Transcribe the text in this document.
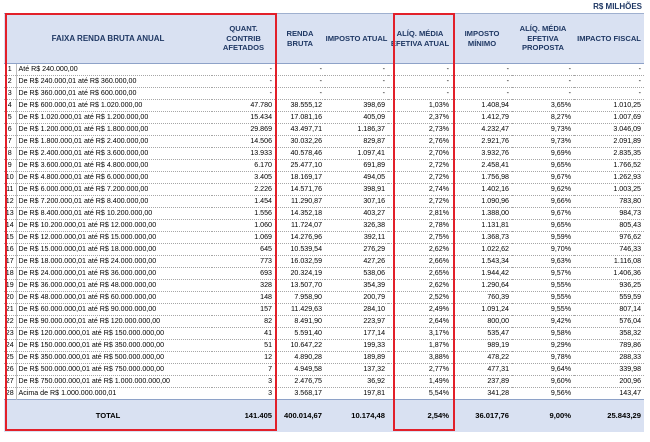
R$ MILHÕES
FAIXA RENDA BRUTA ANUAL		QUANT. CONTRIB AFETADOS	RENDA BRUTA	IMPOSTO ATUAL	ALÍQ. MÉDIA EFETIVA ATUAL	IMPOSTO MÍNIMO	ALÍQ. MÉDIA EFETIVA PROPOSTA	IMPACTO FISCAL
1	Até R$ 240.000,00	-	-	-	-	-	-	-
2	De R$ 240.000,01 até R$ 360.000,00	-	-	-	-	-	-	-
3	De R$ 360.000,01 até R$ 600.000,00	-	-	-	-	-	-	-
4	De R$ 600.000,01 até R$ 1.020.000,00	47.780	38.555,12	398,69	1,03%	1.408,94	3,65%	1.010,25
5	De R$ 1.020.000,01 até R$ 1.200.000,00	15.434	17.081,16	405,09	2,37%	1.412,79	8,27%	1.007,69
6	De R$ 1.200.000,01 até R$ 1.800.000,00	29.869	43.497,71	1.186,37	2,73%	4.232,47	9,73%	3.046,09
7	De R$ 1.800.000,01 até R$ 2.400.000,00	14.506	30.032,26	829,87	2,76%	2.921,76	9,73%	2.091,89
8	De R$ 2.400.000,01 até R$ 3.600.000,00	13.933	40.578,46	1.097,41	2,70%	3.932,76	9,69%	2.835,35
9	De R$ 3.600.000,01 até R$ 4.800.000,00	6.170	25.477,10	691,89	2,72%	2.458,41	9,65%	1.766,52
10	De R$ 4.800.000,01 até R$ 6.000.000,00	3.405	18.169,17	494,05	2,72%	1.756,98	9,67%	1.262,93
11	De R$ 6.000.000,01 até R$ 7.200.000,00	2.226	14.571,76	398,91	2,74%	1.402,16	9,62%	1.003,25
12	De R$ 7.200.000,01 até R$ 8.400.000,00	1.454	11.290,87	307,16	2,72%	1.090,96	9,66%	783,80
13	De R$ 8.400.000,01 até R$ 10.200.000,00	1.556	14.352,18	403,27	2,81%	1.388,00	9,67%	984,73
14	De R$ 10.200.000,01 até R$ 12.000.000,00	1.060	11.724,07	326,38	2,78%	1.131,81	9,65%	805,43
15	De R$ 12.000.000,01 até R$ 15.000.000,00	1.069	14.276,96	392,11	2,75%	1.368,73	9,59%	976,62
16	De R$ 15.000.000,01 até R$ 18.000.000,00	645	10.539,54	276,29	2,62%	1.022,62	9,70%	746,33
17	De R$ 18.000.000,01 até R$ 24.000.000,00	773	16.032,59	427,26	2,66%	1.543,34	9,63%	1.116,08
18	De R$ 24.000.000,01 até R$ 36.000.000,00	693	20.324,19	538,06	2,65%	1.944,42	9,57%	1.406,36
19	De R$ 36.000.000,01 até R$ 48.000.000,00	328	13.507,70	354,39	2,62%	1.290,64	9,55%	936,25
20	De R$ 48.000.000,01 até R$ 60.000.000,00	148	7.958,90	200,79	2,52%	760,39	9,55%	559,59
21	De R$ 60.000.000,01 até R$ 90.000.000,00	157	11.429,63	284,10	2,49%	1.091,24	9,55%	807,14
22	De R$ 90.000.000,01 até R$ 120.000.000,00	82	8.491,90	223,97	2,64%	800,00	9,42%	576,04
23	De R$ 120.000.000,01 até R$ 150.000.000,00	41	5.591,40	177,14	3,17%	535,47	9,58%	358,32
24	De R$ 150.000.000,01 até R$ 350.000.000,00	51	10.647,22	199,33	1,87%	989,19	9,29%	789,86
25	De R$ 350.000.000,01 até R$ 500.000.000,00	12	4.890,28	189,89	3,88%	478,22	9,78%	288,33
26	De R$ 500.000.000,01 até R$ 750.000.000,00	7	4.949,58	137,32	2,77%	477,31	9,64%	339,98
27	De R$ 750.000.000,01 até R$ 1.000.000.000,00	3	2.476,75	36,92	1,49%	237,89	9,60%	200,96
28	Acima de R$ 1.000.000.000,01	3	3.568,17	197,81	5,54%	341,28	9,56%	143,47
TOTAL		141.405	400.014,67	10.174,48	2,54%	36.017,76	9,00%	25.843,29
